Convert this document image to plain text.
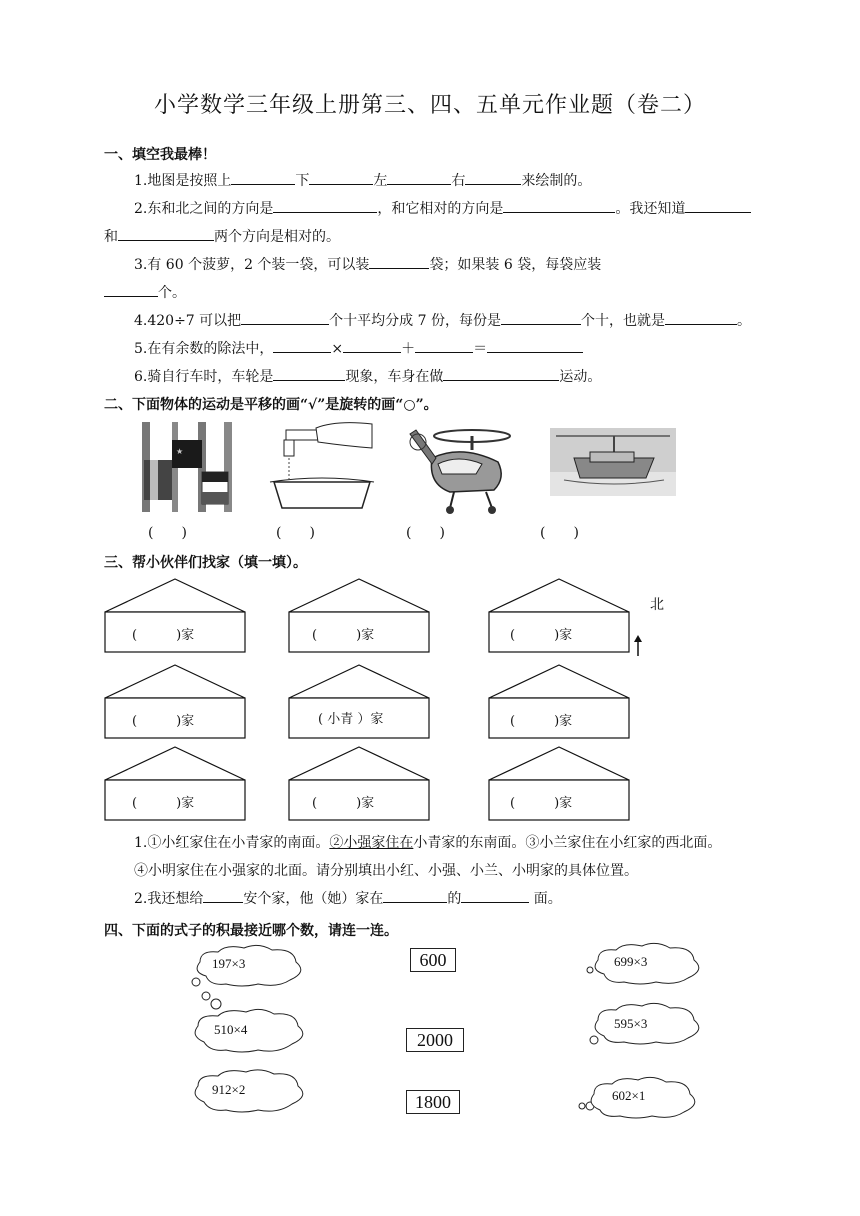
小学数学三年级上册第三、四、五单元作业题（卷二）
一、填空我最棒！
1.地图是按照上	下	左	右	来绘制的。
2.东和北之间的方向是	，和它相对的方向是	。我还知道
和	两个方向是相对的。
3.有 60 个菠萝，2 个装一袋，可以装	袋；如果装 6 袋，每袋应装
个。
4.420÷7 可以把	个十平均分成 7 份，每份是	个十，也就是	。
5.在有余数的除法中，	×	＋	＝
6.骑自行车时，车轮是	现象，车身在做	运动。
二、下面物体的运动是平移的画“√”是旋转的画“○”。
★
(　　)	(　　)	(　　)	(　　)
三、帮小伙伴们找家（填一填）。
北
(　　　)家	(　　　)家	(　　　)家
(　　　)家	( 小青 ）家	(　　　)家
(　　　)家	(　　　)家	(　　　)家
1.①小红家住在小青家的南面。②小强家住在小青家的东南面。③小兰家住在小红家的西北面。
④小明家住在小强家的北面。请分别填出小红、小强、小兰、小明家的具体位置。
2.我还想给	安个家，他（她）家在	的	面。
四、下面的式子的积最接近哪个数，请连一连。
197×3
510×4
912×2
600
2000
1800
699×3
595×3
602×1
